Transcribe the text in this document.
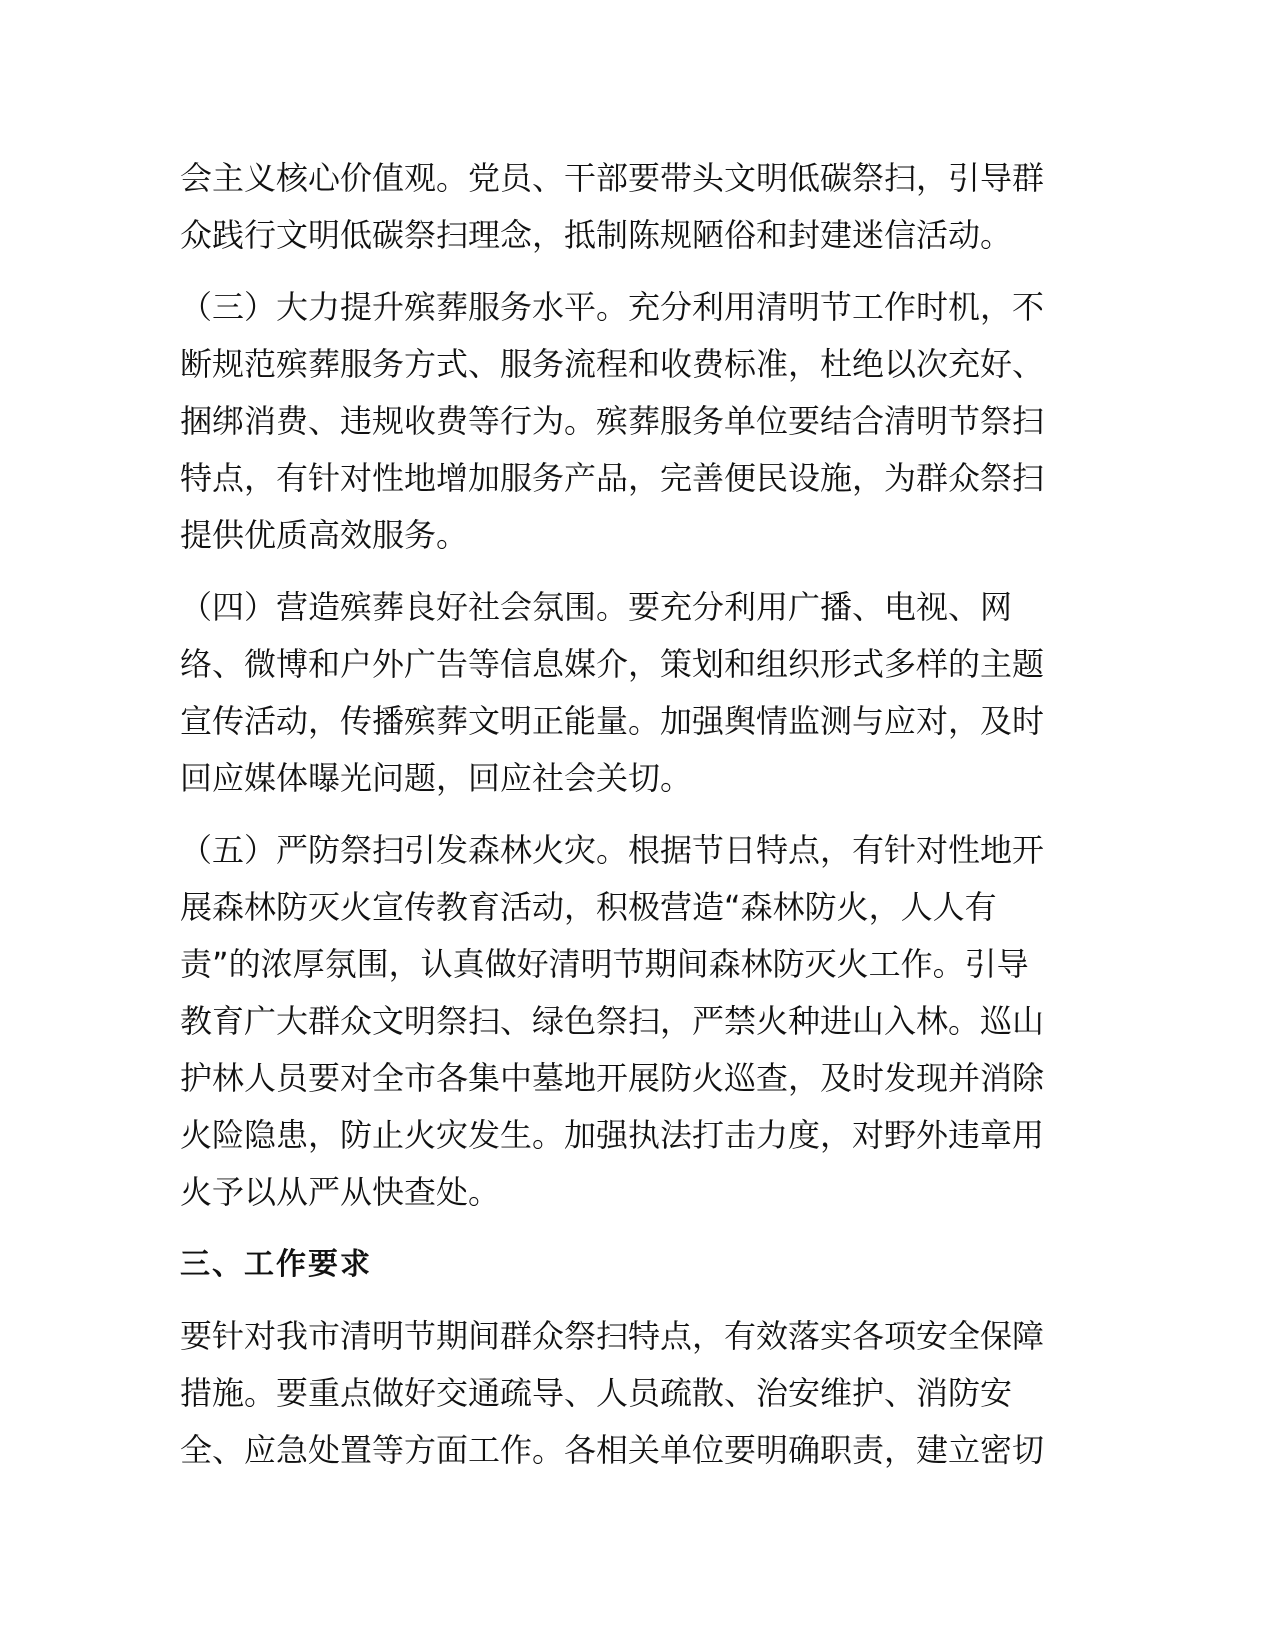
会主义核心价值观。党员、干部要带头文明低碳祭扫，引导群
众践行文明低碳祭扫理念，抵制陈规陋俗和封建迷信活动。

（三）大力提升殡葬服务水平。充分利用清明节工作时机，不
断规范殡葬服务方式、服务流程和收费标准，杜绝以次充好、
捆绑消费、违规收费等行为。殡葬服务单位要结合清明节祭扫
特点，有针对性地增加服务产品，完善便民设施，为群众祭扫
提供优质高效服务。

（四）营造殡葬良好社会氛围。要充分利用广播、电视、网
络、微博和户外广告等信息媒介，策划和组织形式多样的主题
宣传活动，传播殡葬文明正能量。加强舆情监测与应对，及时
回应媒体曝光问题，回应社会关切。

（五）严防祭扫引发森林火灾。根据节日特点，有针对性地开
展森林防灭火宣传教育活动，积极营造“森林防火，人人有
责”的浓厚氛围，认真做好清明节期间森林防灭火工作。引导
教育广大群众文明祭扫、绿色祭扫，严禁火种进山入林。巡山
护林人员要对全市各集中墓地开展防火巡查，及时发现并消除
火险隐患，防止火灾发生。加强执法打击力度，对野外违章用
火予以从严从快查处。

三、工作要求

要针对我市清明节期间群众祭扫特点，有效落实各项安全保障
措施。要重点做好交通疏导、人员疏散、治安维护、消防安
全、应急处置等方面工作。各相关单位要明确职责，建立密切
